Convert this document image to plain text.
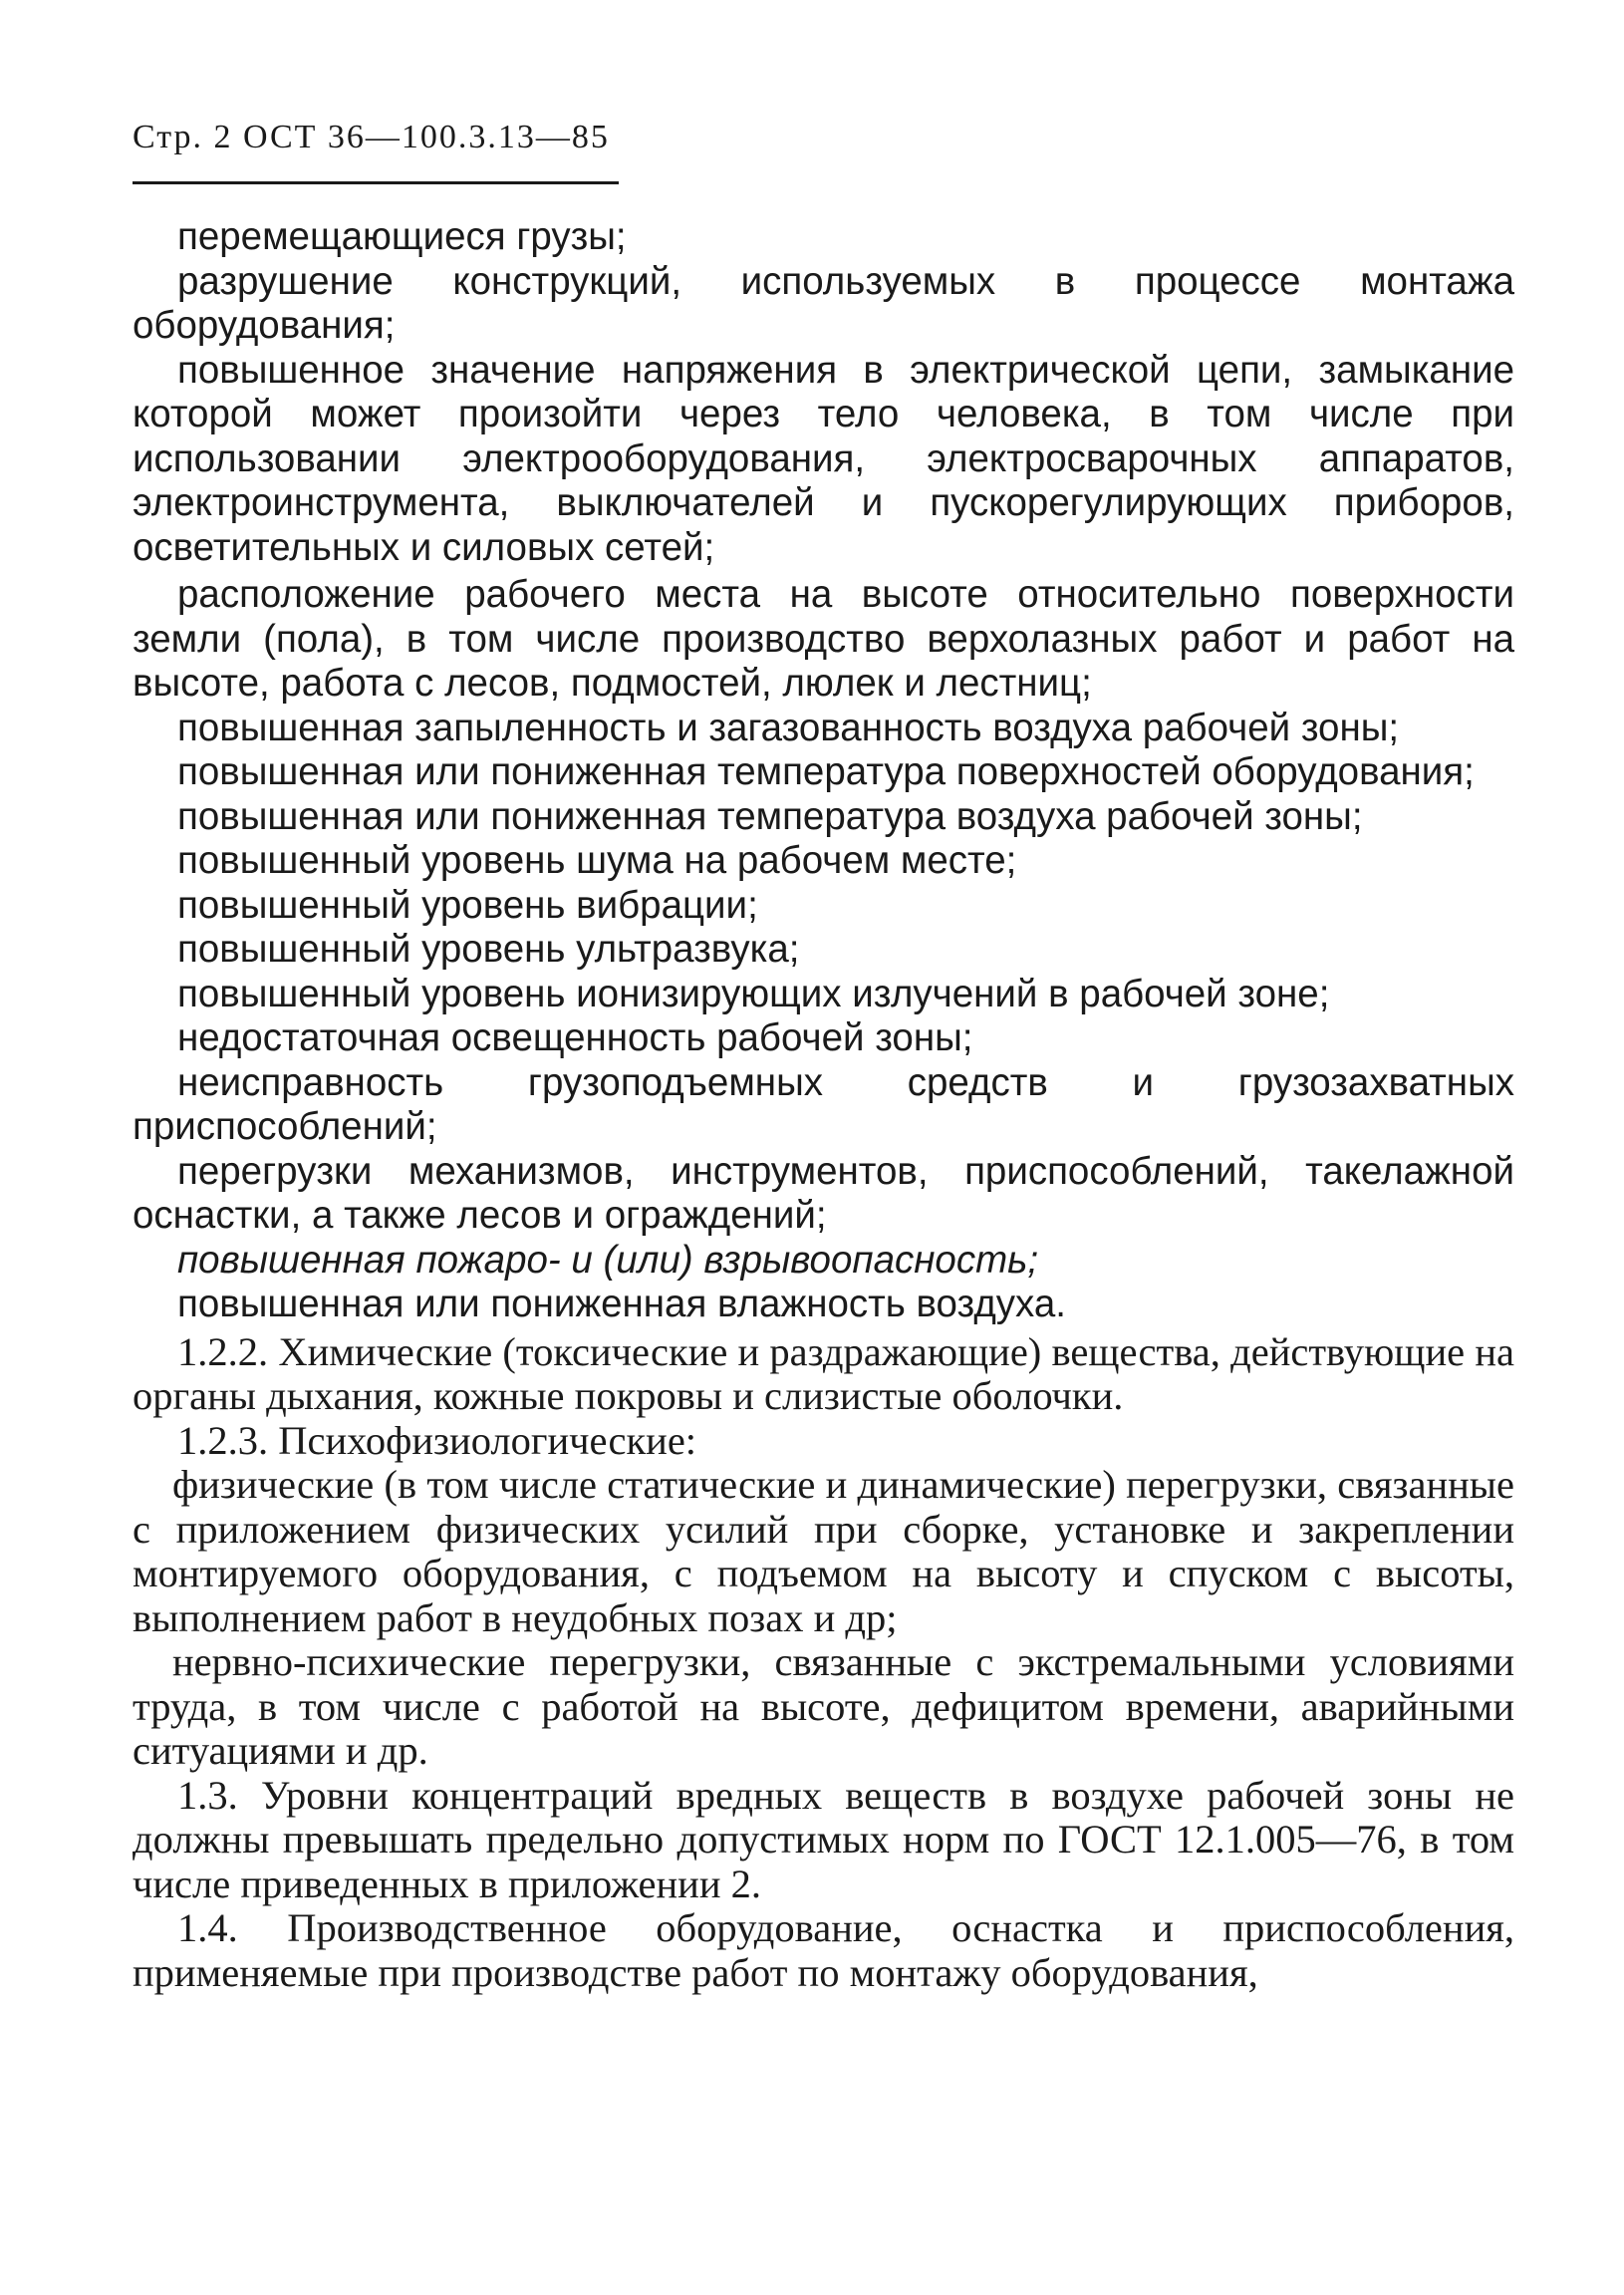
Стр. 2 ОСТ 36—100.3.13—85

перемещающиеся грузы;

разрушение конструкций, используемых в процессе монтажа оборудования;

повышенное значение напряжения в электрической цепи, замыкание которой может произойти через тело человека, в том числе при использовании электрооборудования, электросварочных аппаратов, электроинструмента, выключателей и пускорегулирующих приборов, осветительных и силовых сетей;

расположение рабочего места на высоте относительно поверхности земли (пола), в том числе производство верхолазных работ и работ на высоте, работа с лесов, подмостей, люлек и лестниц;

повышенная запыленность и загазованность воздуха рабочей зоны;

повышенная или пониженная температура поверхностей оборудования;

повышенная или пониженная температура воздуха рабочей зоны;

повышенный уровень шума на рабочем месте;

повышенный уровень вибрации;

повышенный уровень ультразвука;

повышенный уровень ионизирующих излучений в рабочей зоне;

недостаточная освещенность рабочей зоны;

неисправность грузоподъемных средств и грузозахватных приспособлений;

перегрузки механизмов, инструментов, приспособлений, такелажной оснастки, а также лесов и ограждений;

повышенная пожаро- и (или) взрывоопасность;

повышенная или пониженная влажность воздуха.

1.2.2. Химические (токсические и раздражающие) вещества, действующие на органы дыхания, кожные покровы и слизистые оболочки.

1.2.3. Психофизиологические:

физические (в том числе статические и динамические) перегрузки, связанные с приложением физических усилий при сборке, установке и закреплении монтируемого оборудования, с подъемом на высоту и спуском с высоты, выполнением работ в неудобных позах и др;

нервно-психические перегрузки, связанные с экстремальными условиями труда, в том числе с работой на высоте, дефицитом времени, аварийными ситуациями и др.

1.3. Уровни концентраций вредных веществ в воздухе рабочей зоны не должны превышать предельно допустимых норм по ГОСТ 12.1.005—76, в том числе приведенных в приложении 2.

1.4. Производственное оборудование, оснастка и приспособления, применяемые при производстве работ по монтажу оборудования,
